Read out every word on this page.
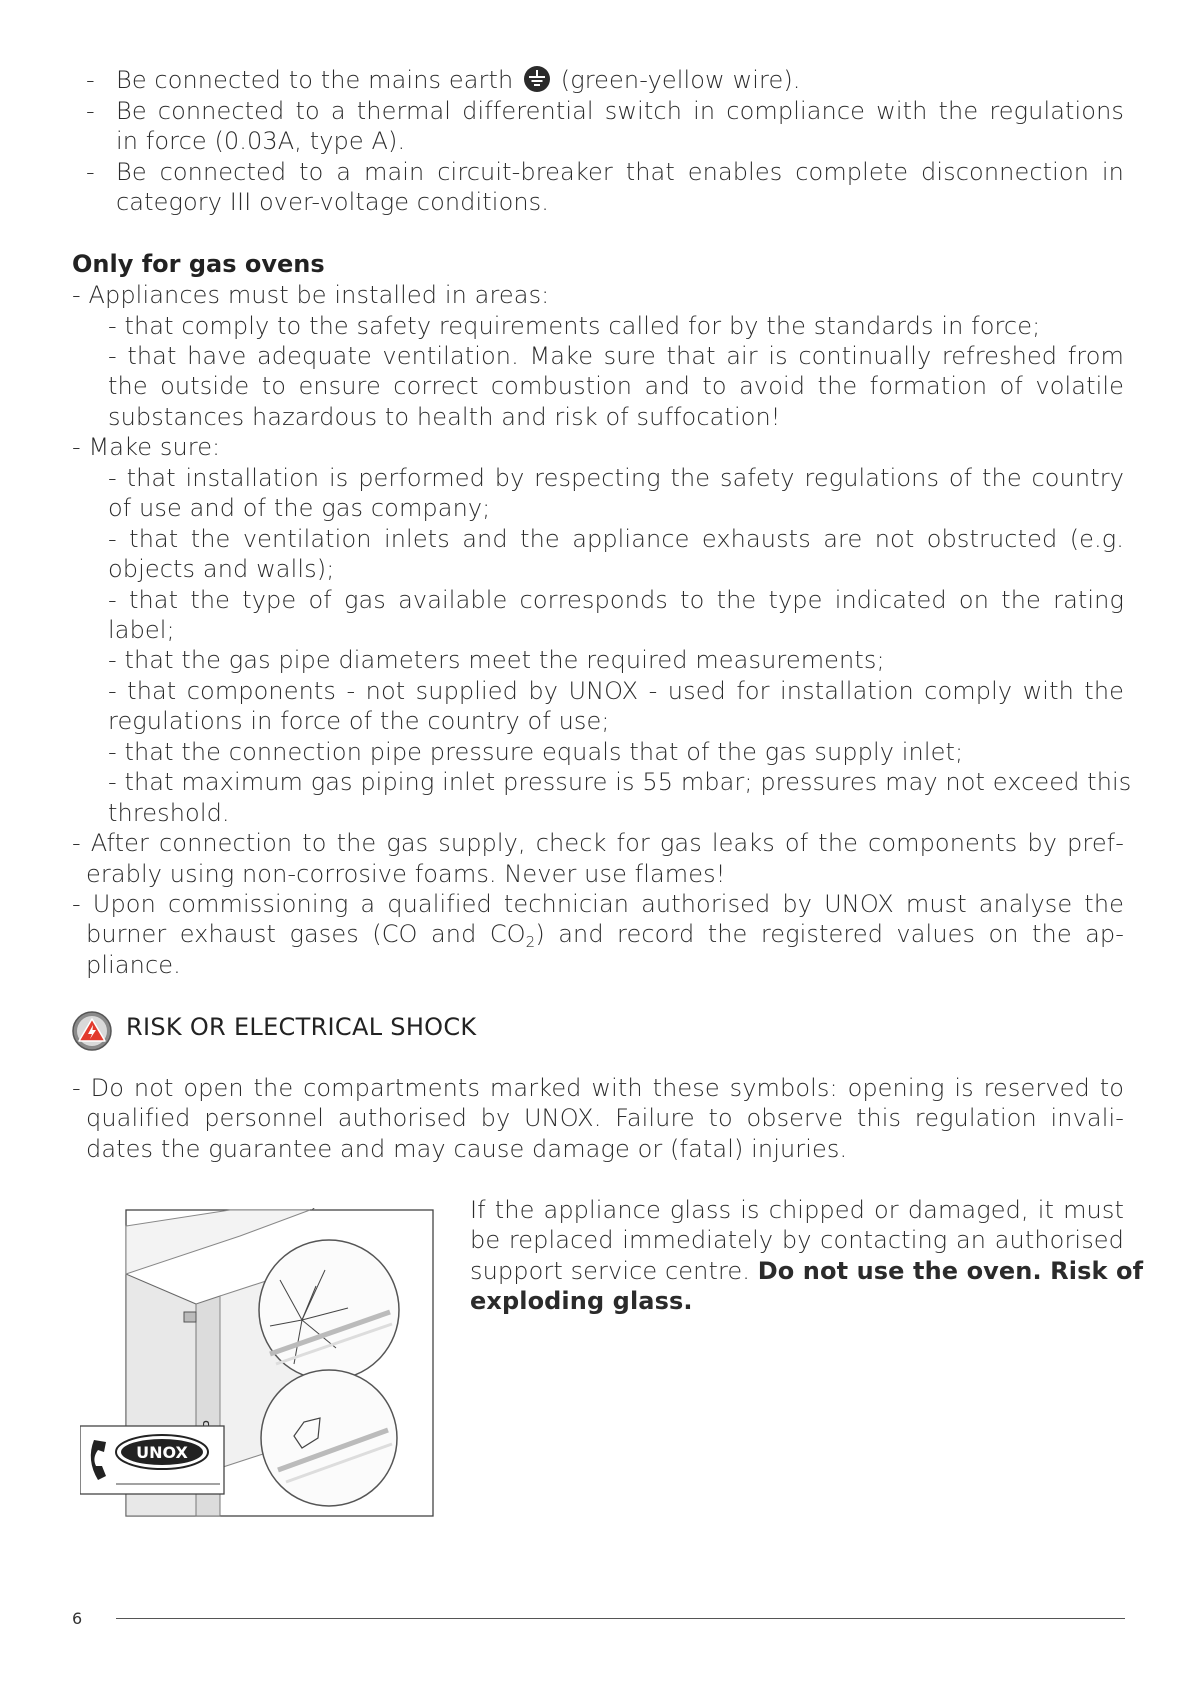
- Be connected to the mains earth (green-yellow wire).
- Be connected to a thermal differential switch in compliance with the regulations
in force (0.03A, type A).
- Be connected to a main circuit-breaker that enables complete disconnection in
category III over-voltage conditions.
Only for gas ovens
- Appliances must be installed in areas:
- that comply to the safety requirements called for by the standards in force;
- that have adequate ventilation. Make sure that air is continually refreshed from
the outside to ensure correct combustion and to avoid the formation of volatile
substances hazardous to health and risk of suffocation!
- Make sure:
- that installation is performed by respecting the safety regulations of the country
of use and of the gas company;
- that the ventilation inlets and the appliance exhausts are not obstructed (e.g.
objects and walls);
- that the type of gas available corresponds to the type indicated on the rating
label;
- that the gas pipe diameters meet the required measurements;
- that components - not supplied by UNOX - used for installation comply with the
regulations in force of the country of use;
- that the connection pipe pressure equals that of the gas supply inlet;
- that maximum gas piping inlet pressure is 55 mbar; pressures may not exceed this
threshold.
- After connection to the gas supply, check for gas leaks of the components by pref-
erably using non-corrosive foams. Never use flames!
- Upon commissioning a qualified technician authorised by UNOX must analyse the
burner exhaust gases (CO and $CO_2$) and record the registered values on the ap-
pliance.
RISK OR ELECTRICAL SHOCK
- Do not open the compartments marked with these symbols: opening is reserved to
qualified personnel authorised by UNOX. Failure to observe this regulation invali-
dates the guarantee and may cause damage or (fatal) injuries.
If the appliance glass is chipped or damaged, it must
be replaced immediately by contacting an authorised
support service centre. Do not use the oven. Risk of
exploding glass.
UNOX
6
